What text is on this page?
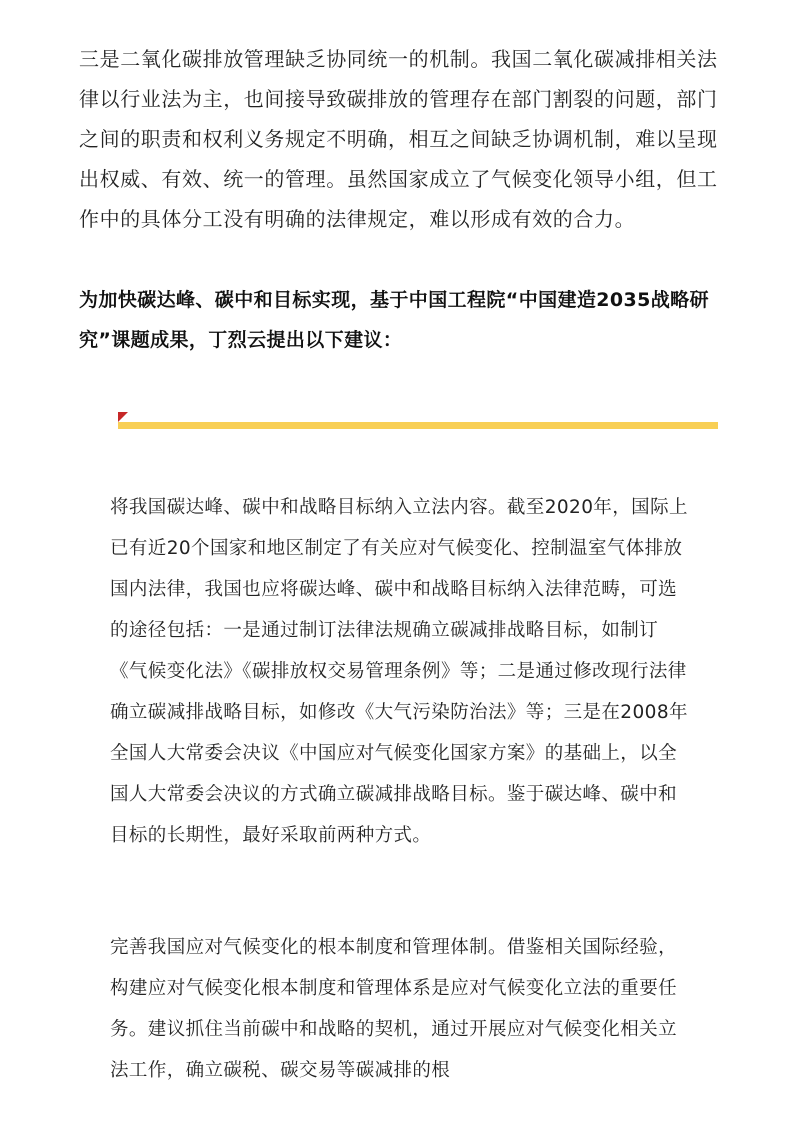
三是二氧化碳排放管理缺乏协同统一的机制。我国二氧化碳减排相关法律以行业法为主，也间接导致碳排放的管理存在部门割裂的问题，部门之间的职责和权利义务规定不明确，相互之间缺乏协调机制，难以呈现出权威、有效、统一的管理。虽然国家成立了气候变化领导小组，但工作中的具体分工没有明确的法律规定，难以形成有效的合力。

为加快碳达峰、碳中和目标实现，基于中国工程院“中国建造2035战略研究”课题成果，丁烈云提出以下建议：

将我国碳达峰、碳中和战略目标纳入立法内容。截至2020年，国际上已有近20个国家和地区制定了有关应对气候变化、控制温室气体排放国内法律，我国也应将碳达峰、碳中和战略目标纳入法律范畴，可选的途径包括：一是通过制订法律法规确立碳减排战略目标，如制订《气候变化法》《碳排放权交易管理条例》等；二是通过修改现行法律确立碳减排战略目标，如修改《大气污染防治法》等；三是在2008年全国人大常委会决议《中国应对气候变化国家方案》的基础上，以全国人大常委会决议的方式确立碳减排战略目标。鉴于碳达峰、碳中和目标的长期性，最好采取前两种方式。

完善我国应对气候变化的根本制度和管理体制。借鉴相关国际经验，构建应对气候变化根本制度和管理体系是应对气候变化立法的重要任务。建议抓住当前碳中和战略的契机，通过开展应对气候变化相关立法工作，确立碳税、碳交易等碳减排的根
